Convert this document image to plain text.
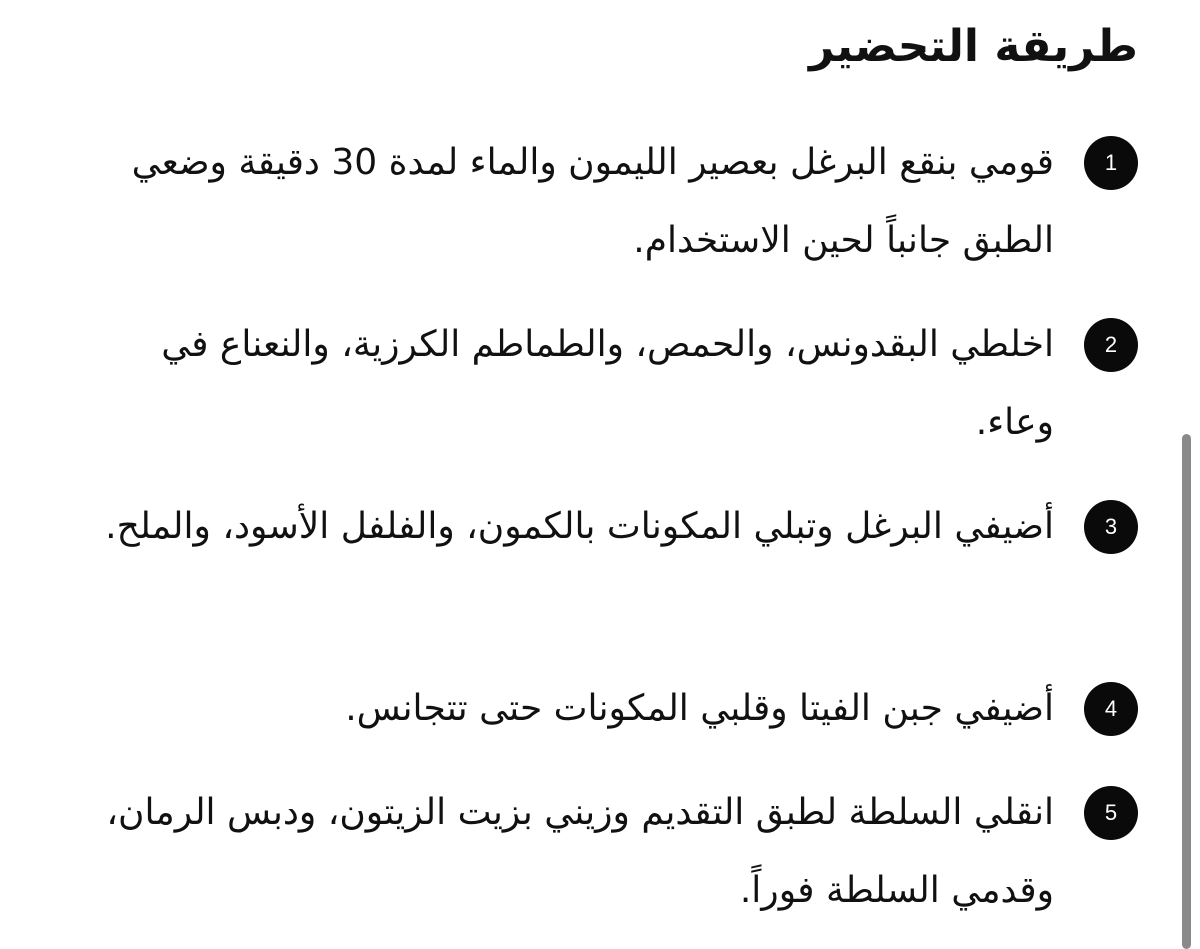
طريقة التحضير
1
قومي بنقع البرغل بعصير الليمون والماء لمدة 30 دقيقة وضعي الطبق جانباً لحين الاستخدام.
2
اخلطي البقدونس، والحمص، والطماطم الكرزية، والنعناع في وعاء.
3
أضيفي البرغل وتبلي المكونات بالكمون، والفلفل الأسود، والملح.
4
أضيفي جبن الفيتا وقلبي المكونات حتى تتجانس.
5
انقلي السلطة لطبق التقديم وزيني بزيت الزيتون، ودبس الرمان، وقدمي السلطة فوراً.
